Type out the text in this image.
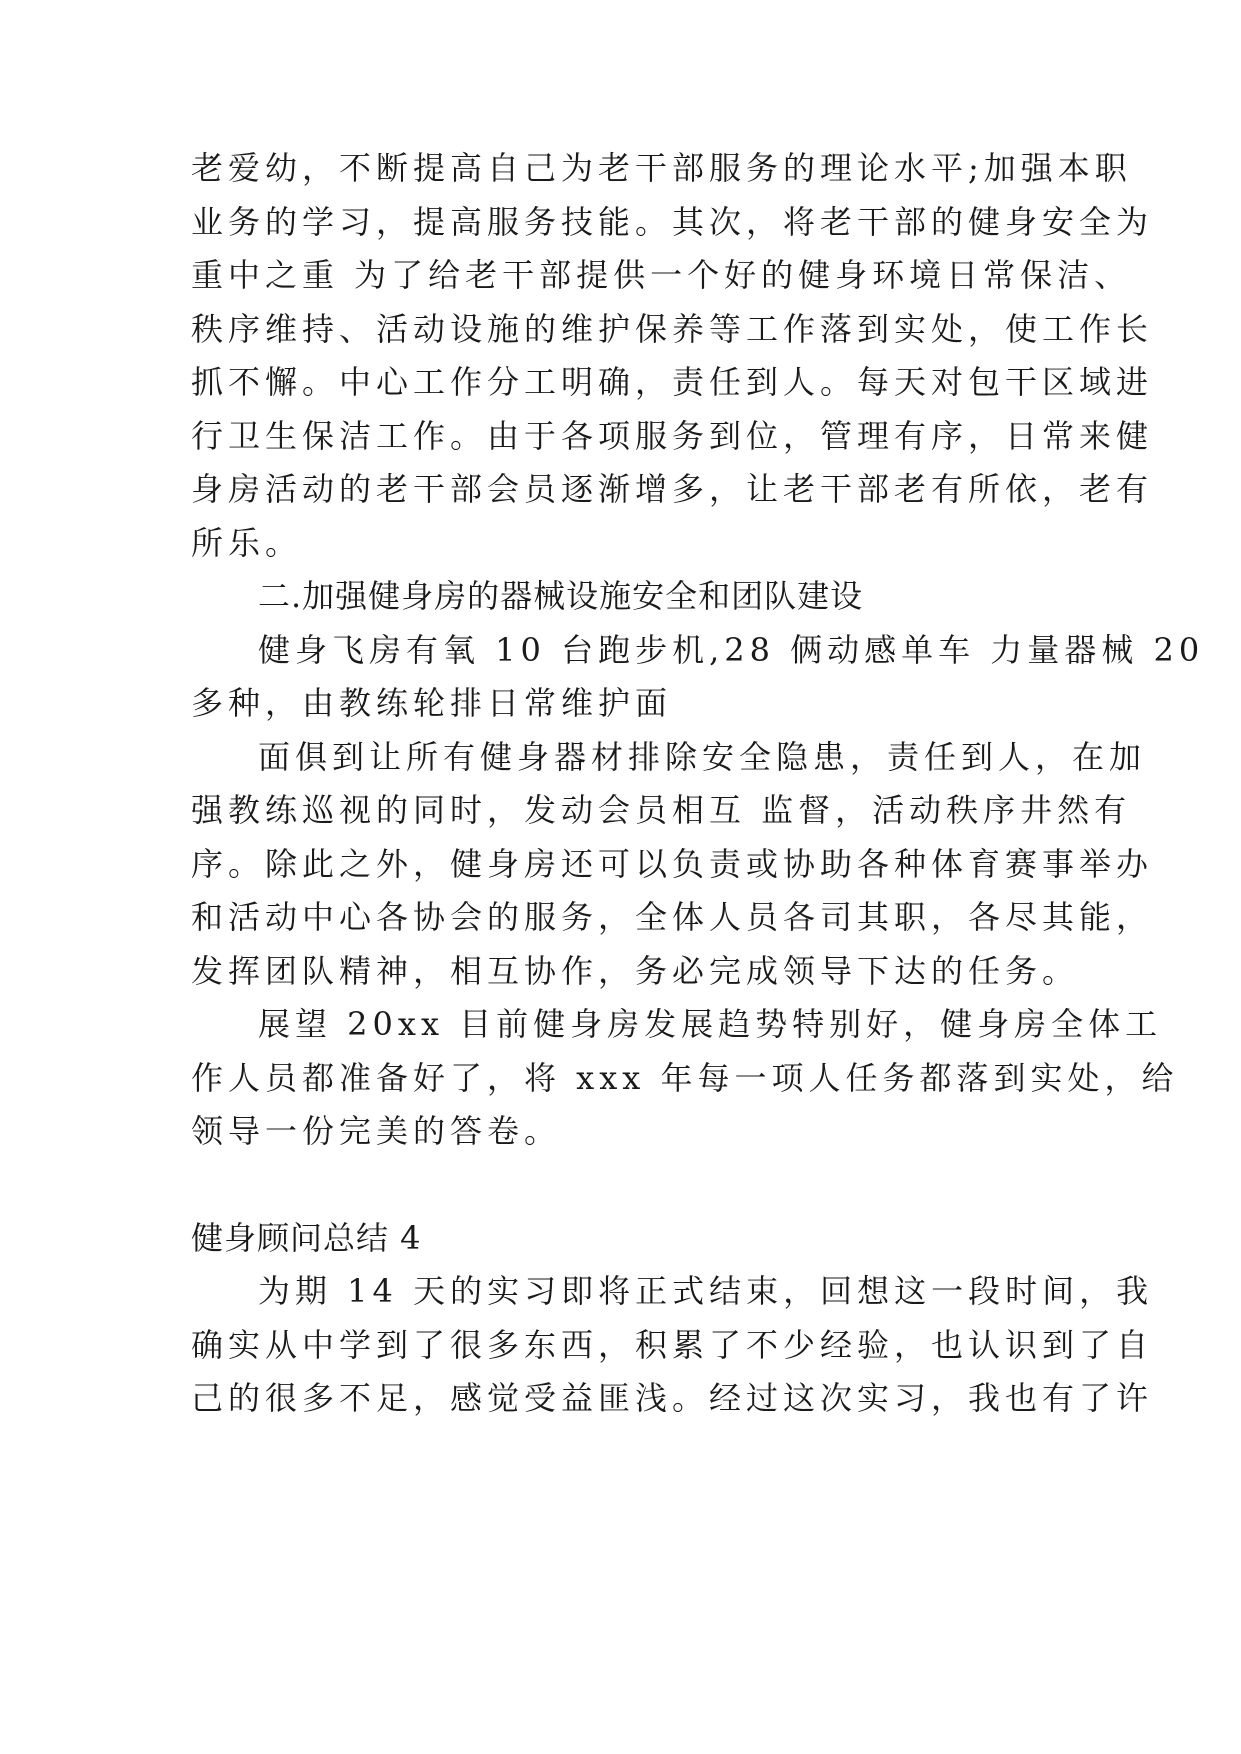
老爱幼，不断提高自己为老干部服务的理论水平;加强本职
业务的学习，提高服务技能。其次，将老干部的健身安全为
重中之重 为了给老干部提供一个好的健身环境日常保洁、
秩序维持、活动设施的维护保养等工作落到实处，使工作长
抓不懈。中心工作分工明确，责任到人。每天对包干区域进
行卫生保洁工作。由于各项服务到位，管理有序，日常来健
身房活动的老干部会员逐渐增多，让老干部老有所依，老有
所乐。
二.加强健身房的器械设施安全和团队建设
健身飞房有氧 10 台跑步机,28 俩动感单车 力量器械 20
多种，由教练轮排日常维护面
面俱到让所有健身器材排除安全隐患，责任到人，在加
强教练巡视的同时，发动会员相互 监督，活动秩序井然有
序。除此之外，健身房还可以负责或协助各种体育赛事举办
和活动中心各协会的服务，全体人员各司其职，各尽其能，
发挥团队精神，相互协作，务必完成领导下达的任务。
展望 20xx 目前健身房发展趋势特别好，健身房全体工
作人员都准备好了，将 xxx 年每一项人任务都落到实处，给
领导一份完美的答卷。
健身顾问总结 4
为期 14 天的实习即将正式结束，回想这一段时间，我
确实从中学到了很多东西，积累了不少经验，也认识到了自
己的很多不足，感觉受益匪浅。经过这次实习，我也有了许
